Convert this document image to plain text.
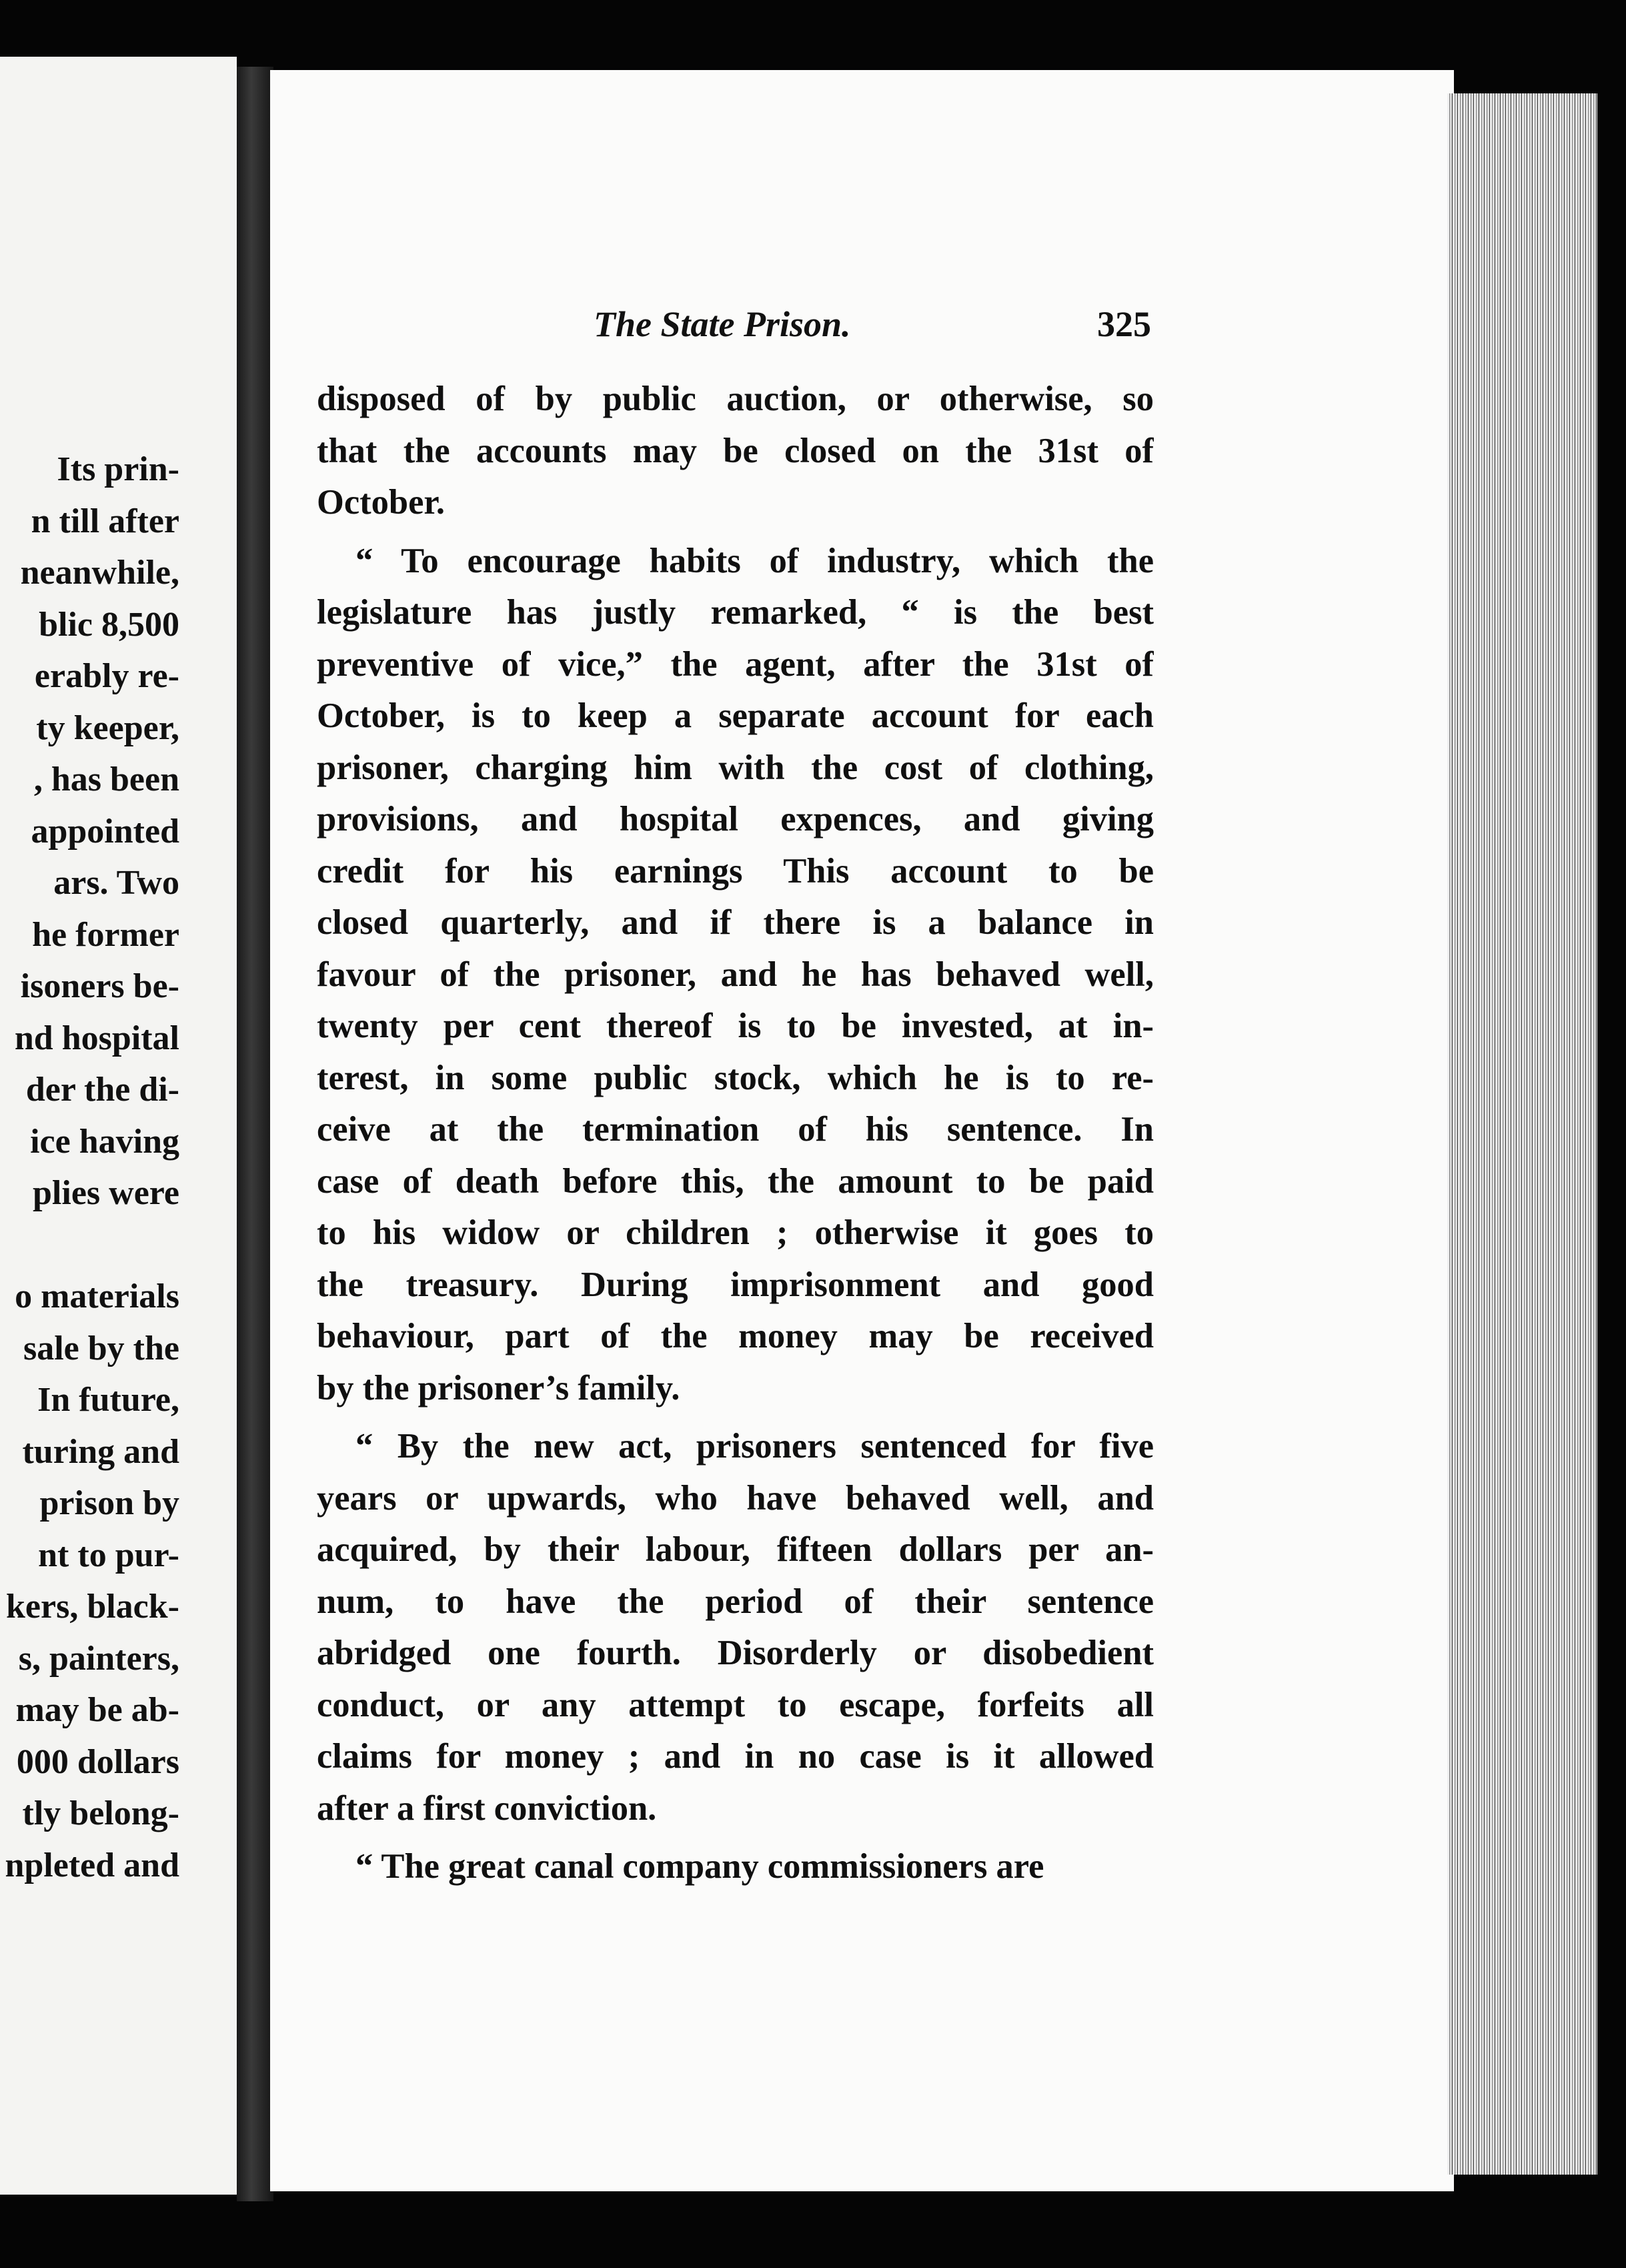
Its prin-
n till after
neanwhile,
blic 8,500
erably re-
ty keeper,
, has been
appointed
ars. Two
he former
isoners be-
nd hospital
der the di-
ice having
plies were
o materials
sale by the
In future,
turing and
prison by
nt to pur-
kers, black-
s, painters,
may be ab-
000 dollars
tly belong-
npleted and
The State Prison.	325
disposed of by public auction, or otherwise, so
that the accounts may be closed on the 31st of
October.
“ To encourage habits of industry, which the
legislature has justly remarked, “ is the best
preventive of vice,” the agent, after the 31st of
October, is to keep a separate account for each
prisoner, charging him with the cost of clothing,
provisions, and hospital expences, and giving
credit for his earnings This account to be
closed quarterly, and if there is a balance in
favour of the prisoner, and he has behaved well,
twenty per cent thereof is to be invested, at in-
terest, in some public stock, which he is to re-
ceive at the termination of his sentence. In
case of death before this, the amount to be paid
to his widow or children ; otherwise it goes to
the treasury. During imprisonment and good
behaviour, part of the money may be received
by the prisoner’s family.
“ By the new act, prisoners sentenced for five
years or upwards, who have behaved well, and
acquired, by their labour, fifteen dollars per an-
num, to have the period of their sentence
abridged one fourth. Disorderly or disobedient
conduct, or any attempt to escape, forfeits all
claims for money ; and in no case is it allowed
after a first conviction.
“ The great canal company commissioners are
